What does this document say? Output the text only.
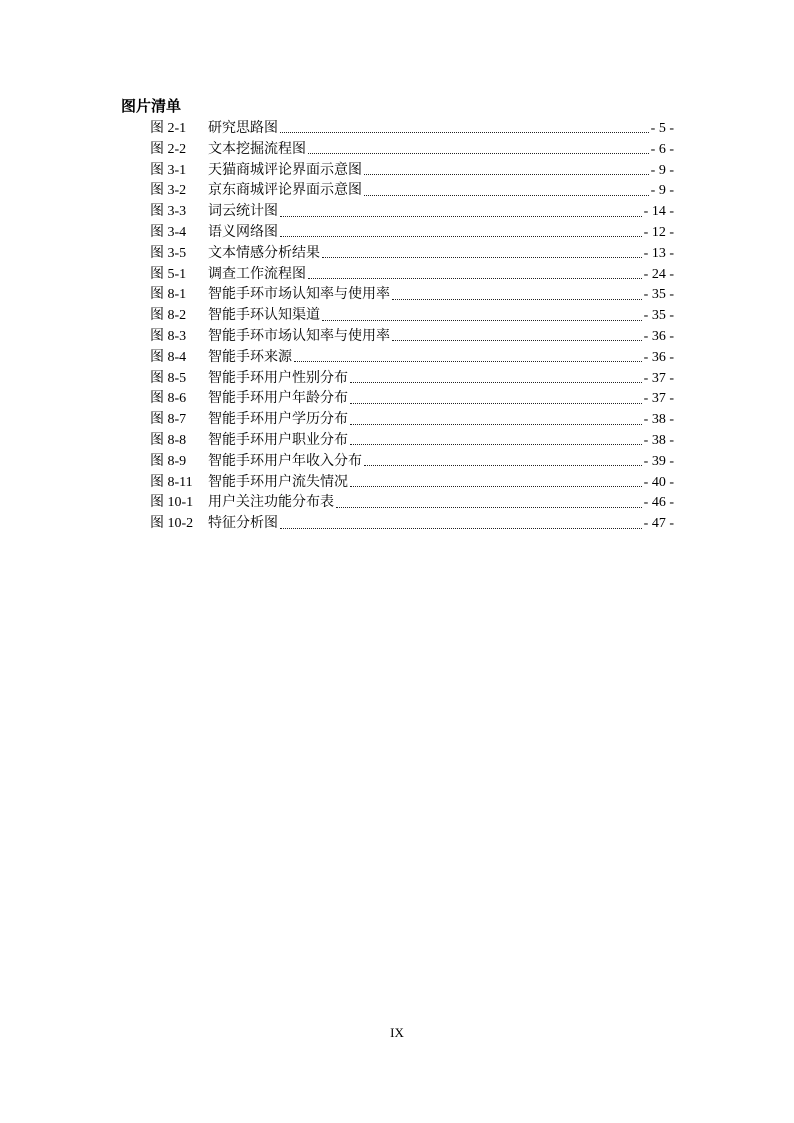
图片清单
图 2-1	研究思路图	- 5 -
图 2-2	文本挖掘流程图	- 6 -
图 3-1	天猫商城评论界面示意图	- 9 -
图 3-2	京东商城评论界面示意图	- 9 -
图 3-3	词云统计图	- 14 -
图 3-4	语义网络图	- 12 -
图 3-5	文本情感分析结果	- 13 -
图 5-1	调查工作流程图	- 24 -
图 8-1	智能手环市场认知率与使用率	- 35 -
图 8-2	智能手环认知渠道	- 35 -
图 8-3	智能手环市场认知率与使用率	- 36 -
图 8-4	智能手环来源	- 36 -
图 8-5	智能手环用户性别分布	- 37 -
图 8-6	智能手环用户年龄分布	- 37 -
图 8-7	智能手环用户学历分布	- 38 -
图 8-8	智能手环用户职业分布	- 38 -
图 8-9	智能手环用户年收入分布	- 39 -
图 8-11	智能手环用户流失情况	- 40 -
图 10-1	用户关注功能分布表	- 46 -
图 10-2	特征分析图	- 47 -
IX
